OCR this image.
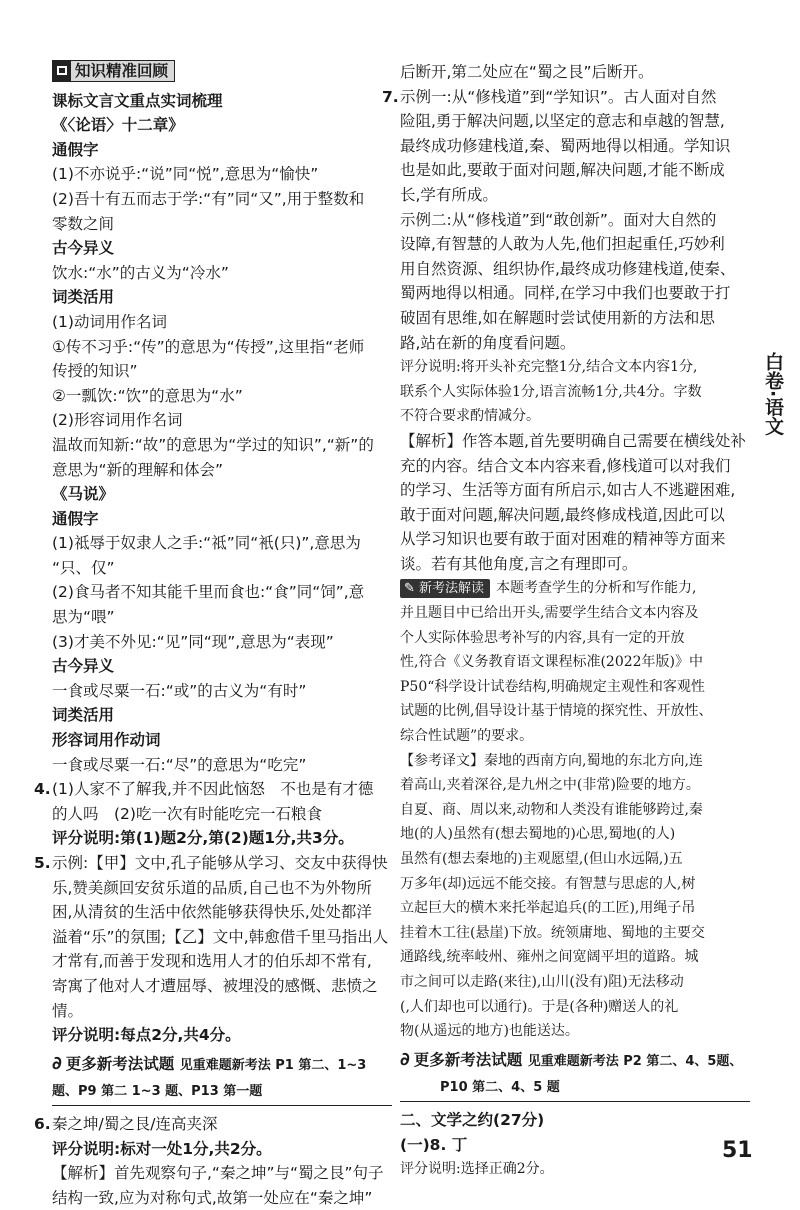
知识精准回顾

课标文言文重点实词梳理

《〈论语〉十二章》

通假字

(1)不亦说乎:“说”同“悦”,意思为“愉快”

(2)吾十有五而志于学:“有”同“又”,用于整数和

零数之间

古今异义

饮水:“水”的古义为“冷水”

词类活用

(1)动词用作名词

①传不习乎:“传”的意思为“传授”,这里指“老师

传授的知识”

②一瓢饮:“饮”的意思为“水”

(2)形容词用作名词

温故而知新:“故”的意思为“学过的知识”,“新”的

意思为“新的理解和体会”

《马说》

通假字

(1)祗辱于奴隶人之手:“祗”同“衹(只)”,意思为

“只、仅”

(2)食马者不知其能千里而食也:“食”同“饲”,意

思为“喂”

(3)才美不外见:“见”同“现”,意思为“表现”

古今异义

一食或尽粟一石:“或”的古义为“有时”

词类活用

形容词用作动词

一食或尽粟一石:“尽”的意思为“吃完”

4. (1)人家不了解我,并不因此恼怒　不也是有才德

的人吗　(2)吃一次有时能吃完一石粮食

评分说明:第(1)题2分,第(2)题1分,共3分。

5. 示例:【甲】文中,孔子能够从学习、交友中获得快

乐,赞美颜回安贫乐道的品质,自己也不为外物所

困,从清贫的生活中依然能够获得快乐,处处都洋

溢着“乐”的氛围;【乙】文中,韩愈借千里马指出人

才常有,而善于发现和选用人才的伯乐却不常有,

寄寓了他对人才遭屈辱、被埋没的感慨、悲愤之情。

评分说明:每点2分,共4分。

∂ 更多新考法试题 见重难题新考法 P1 第二、1~3
题、P9 第二 1~3 题、P13 第一题
6. 秦之坤/蜀之艮/连高夹深

评分说明:标对一处1分,共2分。

【解析】首先观察句子,“秦之坤”与“蜀之艮”句子

结构一致,应为对称句式,故第一处应在“秦之坤”

后断开,第二处应在“蜀之艮”后断开。

7. 示例一:从“修栈道”到“学知识”。古人面对自然

险阻,勇于解决问题,以坚定的意志和卓越的智慧,

最终成功修建栈道,秦、蜀两地得以相通。学知识

也是如此,要敢于面对问题,解决问题,才能不断成

长,学有所成。

示例二:从“修栈道”到“敢创新”。面对大自然的

设障,有智慧的人敢为人先,他们担起重任,巧妙利

用自然资源、组织协作,最终成功修建栈道,使秦、

蜀两地得以相通。同样,在学习中我们也要敢于打

破固有思维,如在解题时尝试使用新的方法和思

路,站在新的角度看问题。

评分说明:将开头补充完整1分,结合文本内容1分,

联系个人实际体验1分,语言流畅1分,共4分。字数

不符合要求酌情减分。

【解析】作答本题,首先要明确自己需要在横线处补

充的内容。结合文本内容来看,修栈道可以对我们

的学习、生活等方面有所启示,如古人不逃避困难,

敢于面对问题,解决问题,最终修成栈道,因此可以

从学习知识也要有敢于面对困难的精神等方面来

谈。若有其他角度,言之有理即可。

✎ 新考法解读 本题考查学生的分析和写作能力,

并且题目中已给出开头,需要学生结合文本内容及

个人实际体验思考补写的内容,具有一定的开放

性,符合《义务教育语文课程标准(2022年版)》中

P50“科学设计试卷结构,明确规定主观性和客观性

试题的比例,倡导设计基于情境的探究性、开放性、

综合性试题”的要求。

【参考译文】秦地的西南方向,蜀地的东北方向,连

着高山,夹着深谷,是九州之中(非常)险要的地方。

自夏、商、周以来,动物和人类没有谁能够跨过,秦

地(的人)虽然有(想去蜀地的)心思,蜀地(的人)

虽然有(想去秦地的)主观愿望,(但山水远隔,)五

万多年(却)远远不能交接。有智慧与思虑的人,树

立起巨大的横木来托举起追兵(的工匠),用绳子吊

挂着木工往(悬崖)下放。统领庸地、蜀地的主要交

通路线,统率岐州、雍州之间宽阔平坦的道路。城

市之间可以走路(来往),山川(没有)阻)无法移动

(,人们却也可以通行)。于是(各种)赠送人的礼

物(从遥远的地方)也能送达。

∂ 更多新考法试题 见重难题新考法 P2 第二、4、5题、
P10 第二、4、5 题

二、文学之约(27分)

(一)8. 丁

评分说明:选择正确2分。

白卷·语文
51
